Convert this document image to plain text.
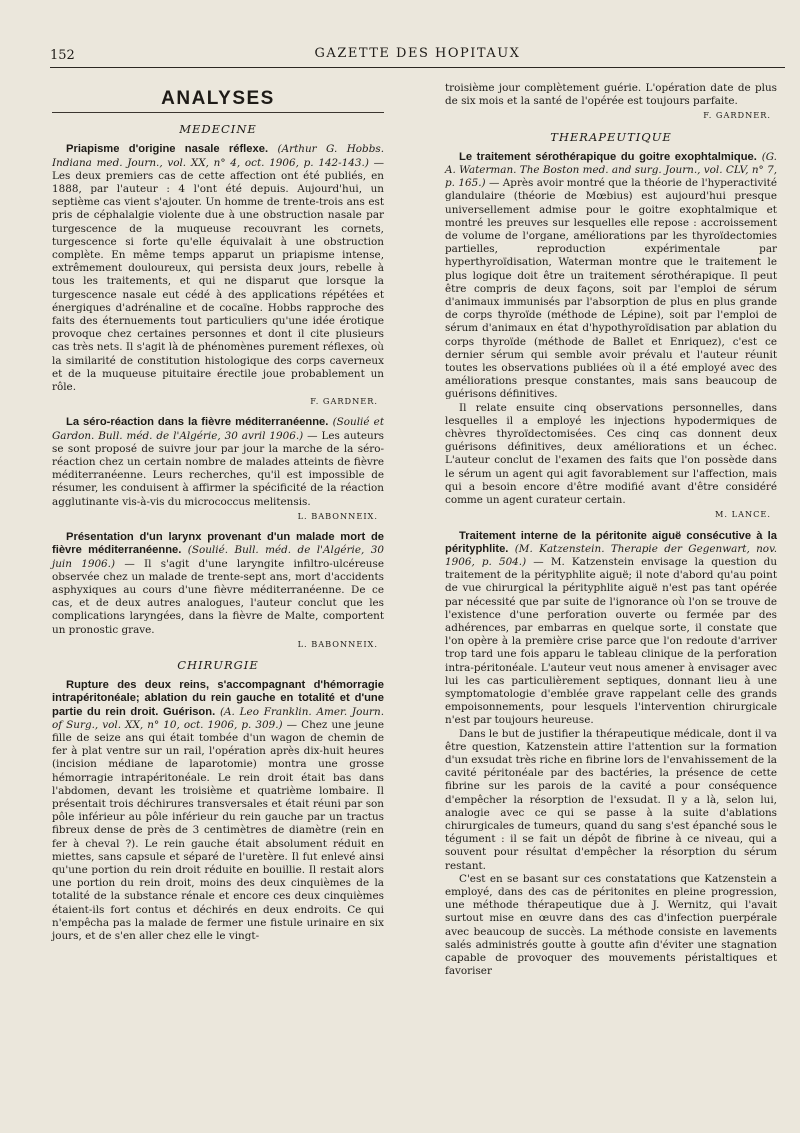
152	GAZETTE DES HOPITAUX
ANALYSES
MEDECINE

Priapisme d'origine nasale réflexe. (Arthur G. Hobbs. Indiana med. Journ., vol. XX, n° 4, oct. 1906, p. 142-143.) — Les deux premiers cas de cette affection ont été publiés, en 1888, par l'auteur : 4 l'ont été depuis. Aujourd'hui, un septième cas vient s'ajouter. Un homme de trente-trois ans est pris de céphalalgie violente due à une obstruction nasale par turgescence de la muqueuse recouvrant les cornets, turgescence si forte qu'elle équivalait à une obstruction complète. En même temps apparut un priapisme intense, extrêmement douloureux, qui persista deux jours, rebelle à tous les traitements, et qui ne disparut que lorsque la turgescence nasale eut cédé à des applications répétées et énergiques d'adrénaline et de cocaïne. Hobbs rapproche des faits des éternuements tout particuliers qu'une idée érotique provoque chez certaines personnes et dont il cite plusieurs cas très nets. Il s'agit là de phénomènes purement réflexes, où la similarité de constitution histologique des corps caverneux et de la muqueuse pituitaire érectile joue probablement un rôle.

F. GARDNER.

La séro-réaction dans la fièvre méditerranéenne. (Soulié et Gardon. Bull. méd. de l'Algérie, 30 avril 1906.) — Les auteurs se sont proposé de suivre jour par jour la marche de la séro-réaction chez un certain nombre de malades atteints de fièvre méditerranéenne. Leurs recherches, qu'il est impossible de résumer, les conduisent à affirmer la spécificité de la réaction agglutinante vis-à-vis du micrococcus melitensis.

L. BABONNEIX.

Présentation d'un larynx provenant d'un malade mort de fièvre méditerranéenne. (Soulié. Bull. méd. de l'Algérie, 30 juin 1906.) — Il s'agit d'une laryngite infiltro-ulcéreuse observée chez un malade de trente-sept ans, mort d'accidents asphyxiques au cours d'une fièvre méditerranéenne. De ce cas, et de deux autres analogues, l'auteur conclut que les complications laryngées, dans la fièvre de Malte, comportent un pronostic grave.

L. BABONNEIX.
CHIRURGIE

Rupture des deux reins, s'accompagnant d'hémorragie intrapéritonéale; ablation du rein gauche en totalité et d'une partie du rein droit. Guérison. (A. Leo Franklin. Amer. Journ. of Surg., vol. XX, n° 10, oct. 1906, p. 309.) — Chez une jeune fille de seize ans qui était tombée d'un wagon de chemin de fer à plat ventre sur un rail, l'opération après dix-huit heures (incision médiane de laparotomie) montra une grosse hémorragie intrapéritonéale. Le rein droit était bas dans l'abdomen, devant les troisième et quatrième lombaire. Il présentait trois déchirures transversales et était réuni par son pôle inférieur au pôle inférieur du rein gauche par un tractus fibreux dense de près de 3 centimètres de diamètre (rein en fer à cheval ?). Le rein gauche était absolument réduit en miettes, sans capsule et séparé de l'uretère. Il fut enlevé ainsi qu'une portion du rein droit réduite en bouillie. Il restait alors une portion du rein droit, moins des deux cinquièmes de la totalité de la substance rénale et encore ces deux cinquièmes étaient-ils fort contus et déchirés en deux endroits. Ce qui n'empêcha pas la malade de fermer une fistule urinaire en six jours, et de s'en aller chez elle le vingt-

troisième jour complètement guérie. L'opération date de plus de six mois et la santé de l'opérée est toujours parfaite.

F. GARDNER.
THERAPEUTIQUE

Le traitement sérothérapique du goitre exophtalmique. (G. A. Waterman. The Boston med. and surg. Journ., vol. CLV, n° 7, p. 165.) — Après avoir montré que la théorie de l'hyperactivité glandulaire (théorie de Mœbius) est aujourd'hui presque universellement admise pour le goitre exophtalmique et montré les preuves sur lesquelles elle repose : accroissement de volume de l'organe, améliorations par les thyroïdectomies partielles, reproduction expérimentale par hyperthyroïdisation, Waterman montre que le traitement le plus logique doit être un traitement sérothérapique. Il peut être compris de deux façons, soit par l'emploi de sérum d'animaux immunisés par l'absorption de plus en plus grande de corps thyroïde (méthode de Lépine), soit par l'emploi de sérum d'animaux en état d'hypothyroïdisation par ablation du corps thyroïde (méthode de Ballet et Enriquez), c'est ce dernier sérum qui semble avoir prévalu et l'auteur réunit toutes les observations publiées où il a été employé avec des améliorations presque constantes, mais sans beaucoup de guérisons définitives.

Il relate ensuite cinq observations personnelles, dans lesquelles il a employé les injections hypodermiques de chèvres thyroïdectomisées. Ces cinq cas donnent deux guérisons définitives, deux améliorations et un échec. L'auteur conclut de l'examen des faits que l'on possède dans le sérum un agent qui agit favorablement sur l'affection, mais qui a besoin encore d'être modifié avant d'être considéré comme un agent curateur certain.

M. LANCE.

Traitement interne de la péritonite aiguë consécutive à la pérityphlite. (M. Katzenstein. Therapie der Gegenwart, nov. 1906, p. 504.) — M. Katzenstein envisage la question du traitement de la pérityphlite aiguë; il note d'abord qu'au point de vue chirurgical la pérityphlite aiguë n'est pas tant opérée par nécessité que par suite de l'ignorance où l'on se trouve de l'existence d'une perforation ouverte ou fermée par des adhérences, par embarras en quelque sorte, il constate que l'on opère à la première crise parce que l'on redoute d'arriver trop tard une fois apparu le tableau clinique de la perforation intra-péritonéale. L'auteur veut nous amener à envisager avec lui les cas particulièrement septiques, donnant lieu à une symptomatologie d'emblée grave rappelant celle des grands empoisonnements, pour lesquels l'intervention chirurgicale n'est par toujours heureuse.

Dans le but de justifier la thérapeutique médicale, dont il va être question, Katzenstein attire l'attention sur la formation d'un exsudat très riche en fibrine lors de l'envahissement de la cavité péritonéale par des bactéries, la présence de cette fibrine sur les parois de la cavité a pour conséquence d'empêcher la résorption de l'exsudat. Il y a là, selon lui, analogie avec ce qui se passe à la suite d'ablations chirurgicales de tumeurs, quand du sang s'est épanché sous le tégument : il se fait un dépôt de fibrine à ce niveau, qui a souvent pour résultat d'empêcher la résorption du sérum restant.

C'est en se basant sur ces constatations que Katzenstein a employé, dans des cas de péritonites en pleine progression, une méthode thérapeutique due à J. Wernitz, qui l'avait surtout mise en œuvre dans des cas d'infection puerpérale avec beaucoup de succès. La méthode consiste en lavements salés administrés goutte à goutte afin d'éviter une stagnation capable de provoquer des mouvements péristaltiques et favoriser
